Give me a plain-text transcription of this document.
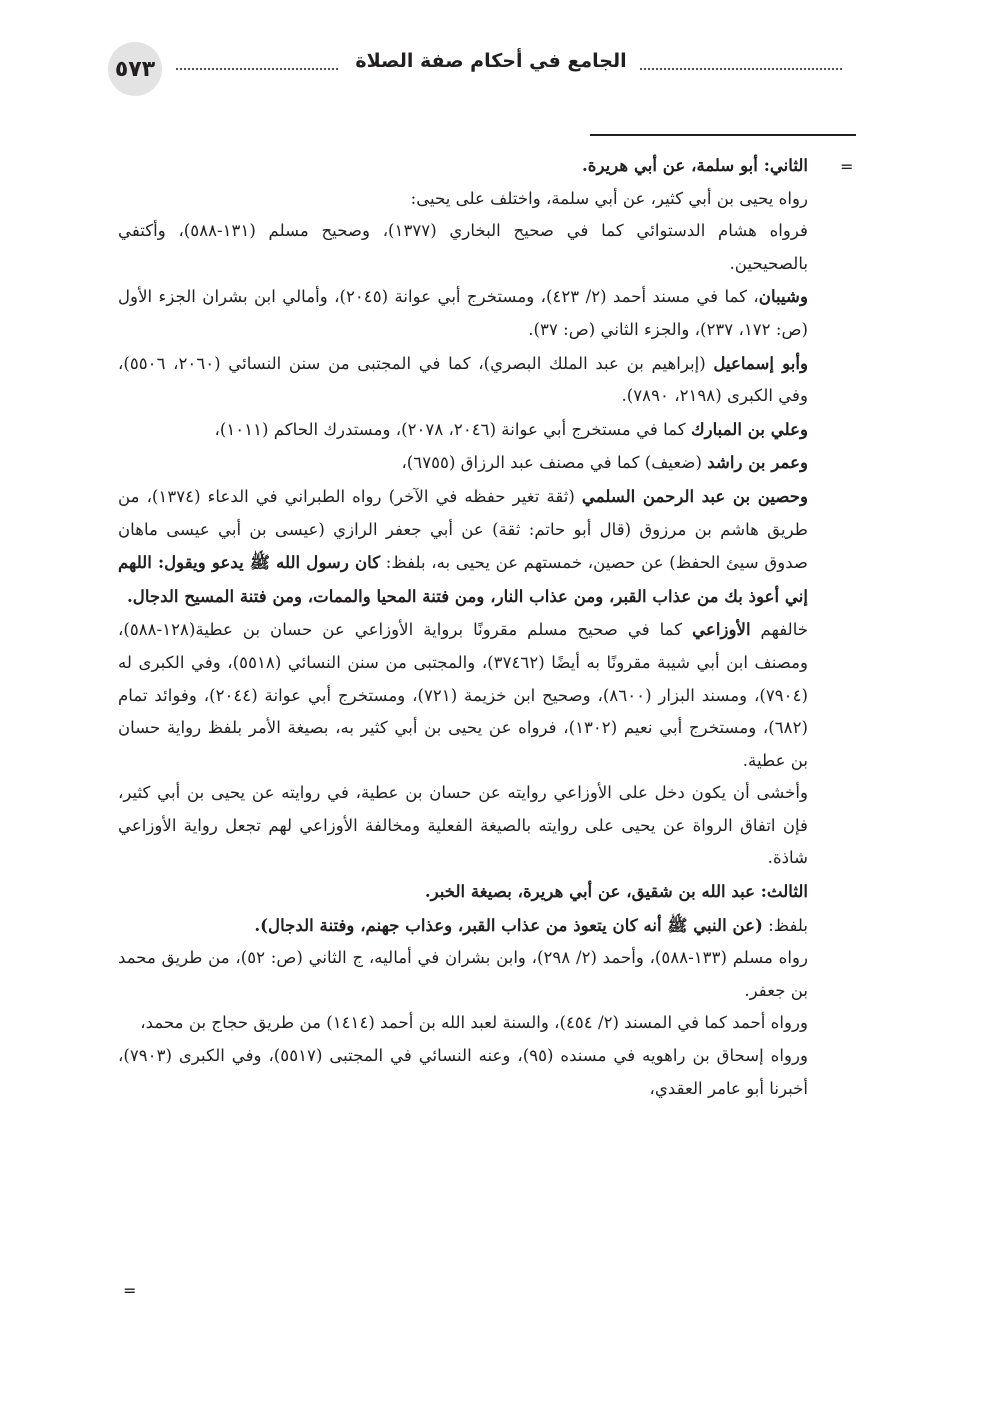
٥٧٣	الجامع في أحكام صفة الصلاة
=

الثاني: أبو سلمة، عن أبي هريرة.

رواه يحيى بن أبي كثير، عن أبي سلمة، واختلف على يحيى:

فرواه هشام الدستوائي كما في صحيح البخاري (١٣٧٧)، وصحيح مسلم (١٣١-٥٨٨)، وأكتفي بالصحيحين.

وشيبان، كما في مسند أحمد (٢/ ٤٢٣)، ومستخرج أبي عوانة (٢٠٤٥)، وأمالي ابن بشران الجزء الأول (ص: ١٧٢، ٢٣٧)، والجزء الثاني (ص: ٣٧).

وأبو إسماعيل (إبراهيم بن عبد الملك البصري)، كما في المجتبى من سنن النسائي (٢٠٦٠، ٥٥٠٦)، وفي الكبرى (٢١٩٨، ٧٨٩٠).

وعلي بن المبارك كما في مستخرج أبي عوانة (٢٠٤٦، ٢٠٧٨)، ومستدرك الحاكم (١٠١١)،

وعمر بن راشد (ضعيف) كما في مصنف عبد الرزاق (٦٧٥٥)،

وحصين بن عبد الرحمن السلمي (ثقة تغير حفظه في الآخر) رواه الطبراني في الدعاء (١٣٧٤)، من طريق هاشم بن مرزوق (قال أبو حاتم: ثقة) عن أبي جعفر الرازي (عيسى بن أبي عيسى ماهان صدوق سيئ الحفظ) عن حصين، خمستهم عن يحيى به، بلفظ: كان رسول الله ﷺ يدعو ويقول: اللهم إني أعوذ بك من عذاب القبر، ومن عذاب النار، ومن فتنة المحيا والممات، ومن فتنة المسيح الدجال.

خالفهم الأوزاعي كما في صحيح مسلم مقرونًا برواية الأوزاعي عن حسان بن عطية(١٢٨-٥٨٨)، ومصنف ابن أبي شيبة مقرونًا به أيضًا (٣٧٤٦٢)، والمجتبى من سنن النسائي (٥٥١٨)، وفي الكبرى له (٧٩٠٤)، ومسند البزار (٨٦٠٠)، وصحيح ابن خزيمة (٧٢١)، ومستخرج أبي عوانة (٢٠٤٤)، وفوائد تمام (٦٨٢)، ومستخرج أبي نعيم (١٣٠٢)، فرواه عن يحيى بن أبي كثير به، بصيغة الأمر بلفظ رواية حسان بن عطية.

وأخشى أن يكون دخل على الأوزاعي روايته عن حسان بن عطية، في روايته عن يحيى بن أبي كثير، فإن اتفاق الرواة عن يحيى على روايته بالصيغة الفعلية ومخالفة الأوزاعي لهم تجعل رواية الأوزاعي شاذة.

الثالث: عبد الله بن شقيق، عن أبي هريرة، بصيغة الخبر.

بلفظ: (عن النبي ﷺ أنه كان يتعوذ من عذاب القبر، وعذاب جهنم، وفتنة الدجال).

رواه مسلم (١٣٣-٥٨٨)، وأحمد (٢/ ٢٩٨)، وابن بشران في أماليه، ج الثاني (ص: ٥٢)، من طريق محمد بن جعفر.

ورواه أحمد كما في المسند (٢/ ٤٥٤)، والسنة لعبد الله بن أحمد (١٤١٤) من طريق حجاج بن محمد،

ورواه إسحاق بن راهويه في مسنده (٩٥)، وعنه النسائي في المجتبى (٥٥١٧)، وفي الكبرى (٧٩٠٣)، أخبرنا أبو عامر العقدي،

=
